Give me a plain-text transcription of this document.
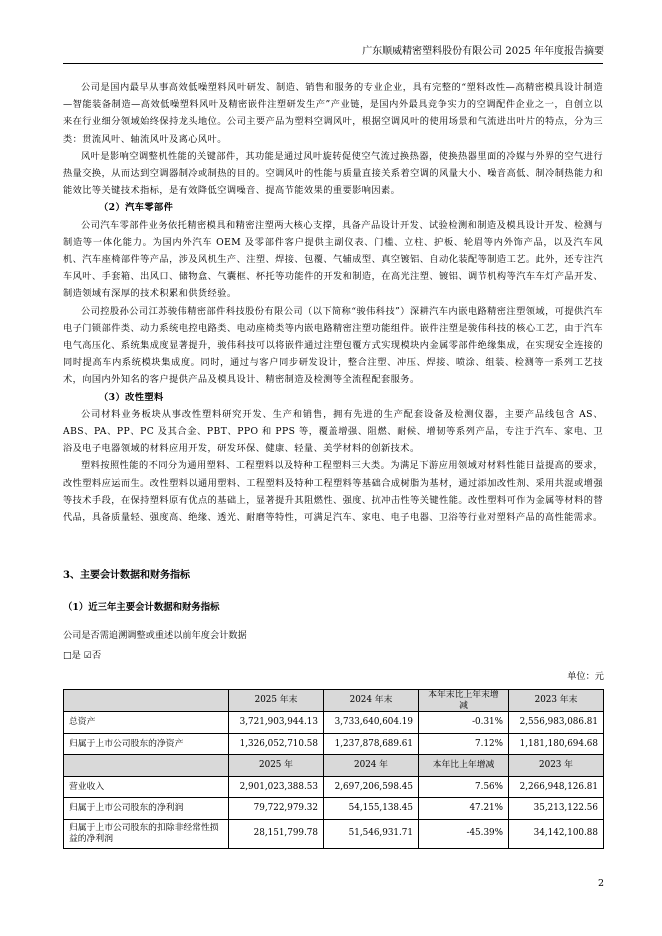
广东顺威精密塑料股份有限公司 2025 年年度报告摘要

公司是国内最早从事高效低噪塑料风叶研发、制造、销售和服务的专业企业，具有完整的“塑料改性—高精密模具设计制造—智能装备制造—高效低噪塑料风叶及精密嵌件注塑研发生产”产业链，是国内外最具竞争实力的空调配件企业之一，自创立以来在行业细分领域始终保持龙头地位。公司主要产品为塑料空调风叶，根据空调风叶的使用场景和气流进出叶片的特点，分为三类：贯流风叶、轴流风叶及离心风叶。

风叶是影响空调整机性能的关键部件，其功能是通过风叶旋转促使空气流过换热器，使换热器里面的冷媒与外界的空气进行热量交换，从而达到空调器制冷或制热的目的。空调风叶的性能与质量直接关系着空调的风量大小、噪音高低、制冷制热能力和能效比等关键技术指标，是有效降低空调噪音、提高节能效果的重要影响因素。

（2）汽车零部件

公司汽车零部件业务依托精密模具和精密注塑两大核心支撑，具备产品设计开发、试验检测和制造及模具设计开发、检测与制造等一体化能力。为国内外汽车 OEM 及零部件客户提供主副仪表、门槛、立柱、护板、轮眉等内外饰产品，以及汽车风机、汽车座椅部件等产品，涉及风机生产、注塑、焊接、包覆、气辅成型、真空镀铝、自动化装配等制造工艺。此外，还专注汽车风叶、手套箱、出风口、储物盒、气囊框、杯托等功能件的开发和制造，在高光注塑、镀铝、调节机构等汽车车灯产品开发、制造领域有深厚的技术积累和供货经验。

公司控股孙公司江苏骏伟精密部件科技股份有限公司（以下简称“骏伟科技”）深耕汽车内嵌电路精密注塑领域，可提供汽车电子门锁部件类、动力系统电控电路类、电动座椅类等内嵌电路精密注塑功能组件。嵌件注塑是骏伟科技的核心工艺，由于汽车电气高压化、系统集成度显著提升，骏伟科技可以将嵌件通过注塑包覆方式实现模块内金属零部件绝缘集成，在实现安全连接的同时提高车内系统模块集成度。同时，通过与客户同步研发设计，整合注塑、冲压、焊接、喷涂、组装、检测等一系列工艺技术，向国内外知名的客户提供产品及模具设计、精密制造及检测等全流程配套服务。

（3）改性塑料

公司材料业务板块从事改性塑料研究开发、生产和销售，拥有先进的生产配套设备及检测仪器，主要产品线包含 AS、ABS、PA、PP、PC 及其合金、PBT、PPO 和 PPS 等，覆盖增强、阻燃、耐候、增韧等系列产品，专注于汽车、家电、卫浴及电子电器领域的材料应用开发，研发环保、健康、轻量、美学材料的创新技术。

塑料按照性能的不同分为通用塑料、工程塑料以及特种工程塑料三大类。为满足下游应用领域对材料性能日益提高的要求，改性塑料应运而生。改性塑料以通用塑料、工程塑料及特种工程塑料等基础合成树脂为基材，通过添加改性剂、采用共混或增强等技术手段，在保持塑料原有优点的基础上，显著提升其阻燃性、强度、抗冲击性等关键性能。改性塑料可作为金属等材料的替代品，具备质量轻、强度高、绝缘、透光、耐磨等特性，可满足汽车、家电、电子电器、卫浴等行业对塑料产品的高性能需求。

3、主要会计数据和财务指标
（1）近三年主要会计数据和财务指标
公司是否需追溯调整或重述以前年度会计数据
□是 ☑否
单位：元
	2025 年末	2024 年末	本年末比上年末增减	2023 年末
总资产	3,721,903,944.13	3,733,640,604.19	-0.31%	2,556,983,086.81
归属于上市公司股东的净资产	1,326,052,710.58	1,237,878,689.61	7.12%	1,181,180,694.68
	2025 年	2024 年	本年比上年增减	2023 年
营业收入	2,901,023,388.53	2,697,206,598.45	7.56%	2,266,948,126.81
归属于上市公司股东的净利润	79,722,979.32	54,155,138.45	47.21%	35,213,122.56
归属于上市公司股东的扣除非经常性损益的净利润	28,151,799.78	51,546,931.71	-45.39%	34,142,100.88
2
